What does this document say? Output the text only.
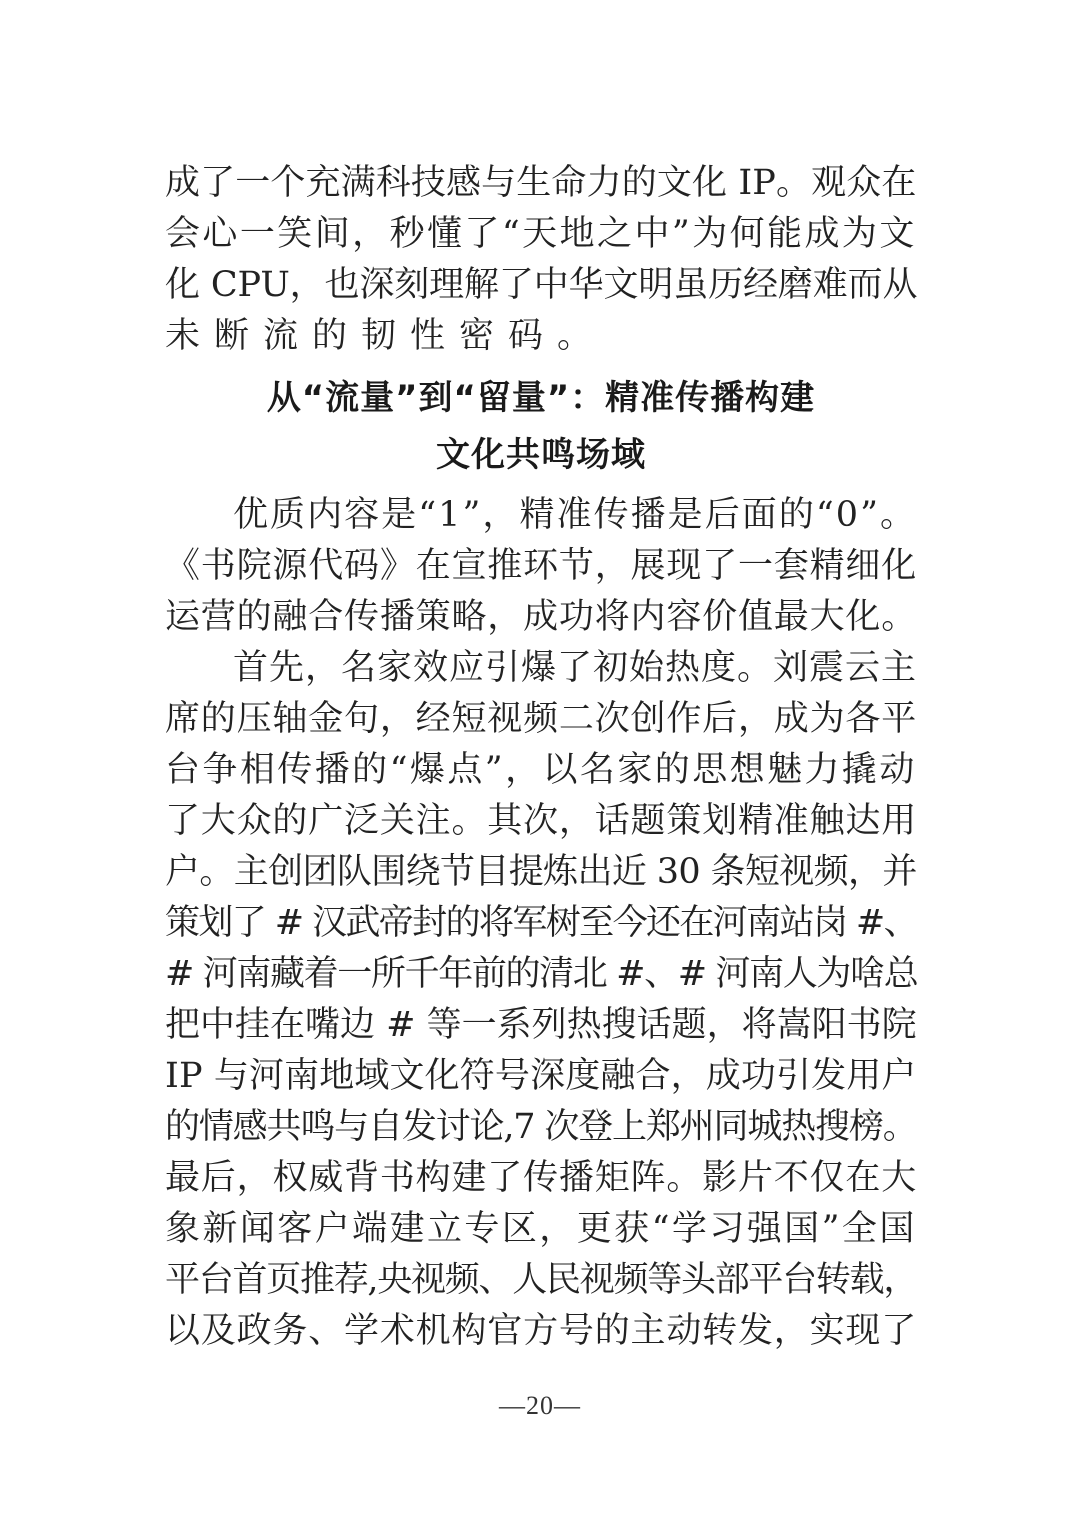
成了一个充满科技感与生命力的文化 IP。观众在
会心一笑间，秒懂了“天地之中”为何能成为文
化 CPU，也深刻理解了中华文明虽历经磨难而从
未断流的韧性密码。
从“流量”到“留量”：精准传播构建
文化共鸣场域
优质内容是“1”，精准传播是后面的“0”。
《书院源代码》在宣推环节，展现了一套精细化
运营的融合传播策略，成功将内容价值最大化。
首先，名家效应引爆了初始热度。刘震云主
席的压轴金句，经短视频二次创作后，成为各平
台争相传播的“爆点”，以名家的思想魅力撬动
了大众的广泛关注。其次，话题策划精准触达用
户。主创团队围绕节目提炼出近 30 条短视频，并
策划了 # 汉武帝封的将军树至今还在河南站岗 #、
# 河南藏着一所千年前的清北 #、# 河南人为啥总
把中挂在嘴边 # 等一系列热搜话题，将嵩阳书院
IP 与河南地域文化符号深度融合，成功引发用户
的情感共鸣与自发讨论,7 次登上郑州同城热搜榜。
最后，权威背书构建了传播矩阵。影片不仅在大
象新闻客户端建立专区，更获“学习强国”全国
平台首页推荐,央视频、人民视频等头部平台转载，
以及政务、学术机构官方号的主动转发，实现了
—20—
